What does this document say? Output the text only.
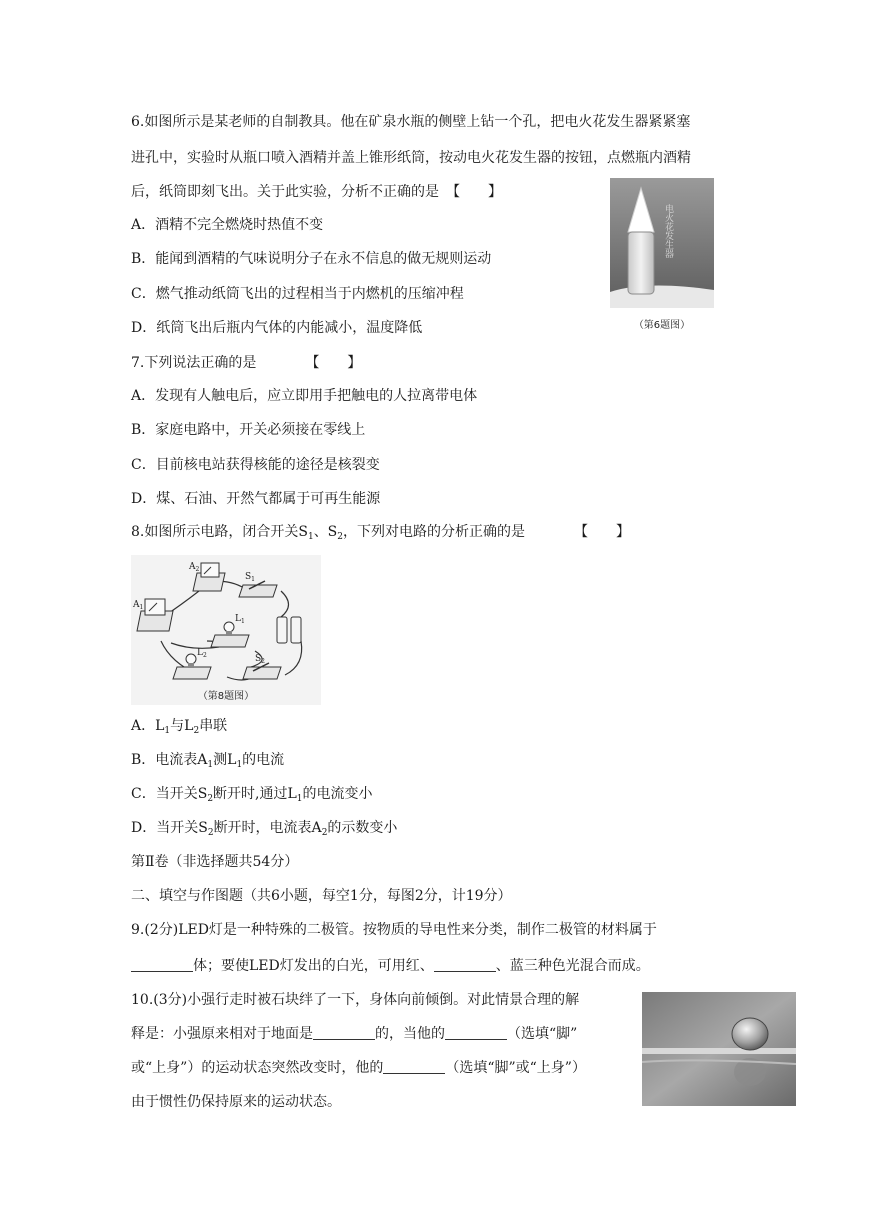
6.如图所示是某老师的自制教具。他在矿泉水瓶的侧壁上钻一个孔，把电火花发生器紧紧塞
进孔中，实验时从瓶口喷入酒精并盖上锥形纸筒，按动电火花发生器的按钮，点燃瓶内酒精
后，纸筒即刻飞出。关于此实验，分析不正确的是　 【　　】
A．酒精不完全燃烧时热值不变
B．能闻到酒精的气味说明分子在永不信息的做无规则运动
C．燃气推动纸筒飞出的过程相当于内燃机的压缩冲程
D．纸筒飞出后瓶内气体的内能减小，温度降低
电火花发生器
（第6题图）
7.下列说法正确的是　　　　	【　　】
A．发现有人触电后，应立即用手把触电的人拉离带电体
B．家庭电路中，开关必须接在零线上
C．目前核电站获得核能的途径是核裂变
D．煤、石油、开然气都属于可再生能源
8.如图所示电路，闭合开关$S_1$、$S_2$，下列对电路的分析正确的是　　　　	【　　】
$A_2$
$S_1$
$A_1$
$L_1$
$L_2$	$S_2$
（第8题图）
A．$L_1$与$L_2$串联
B．电流表$A_1$测$L_1$的电流
C．当开关$S_2$断开时,通过$L_1$的电流变小
D．当开关$S_2$断开时，电流表$A_2$的示数变小
第Ⅱ卷（非选择题共54分）
二、填空与作图题（共6小题，每空1分，每图2分，计19分）
9.(2分)LED灯是一种特殊的二极管。按物质的导电性来分类，制作二极管的材料属于
体；要使LED灯发出的白光，可用红、	、蓝三种色光混合而成。
10.(3分)小强行走时被石块绊了一下，身体向前倾倒。对此情景合理的解
释是：小强原来相对于地面是	的，当他的	（选填“脚”
或“上身”）的运动状态突然改变时，他的	（选填“脚”或“上身”）
由于惯性仍保持原来的运动状态。
